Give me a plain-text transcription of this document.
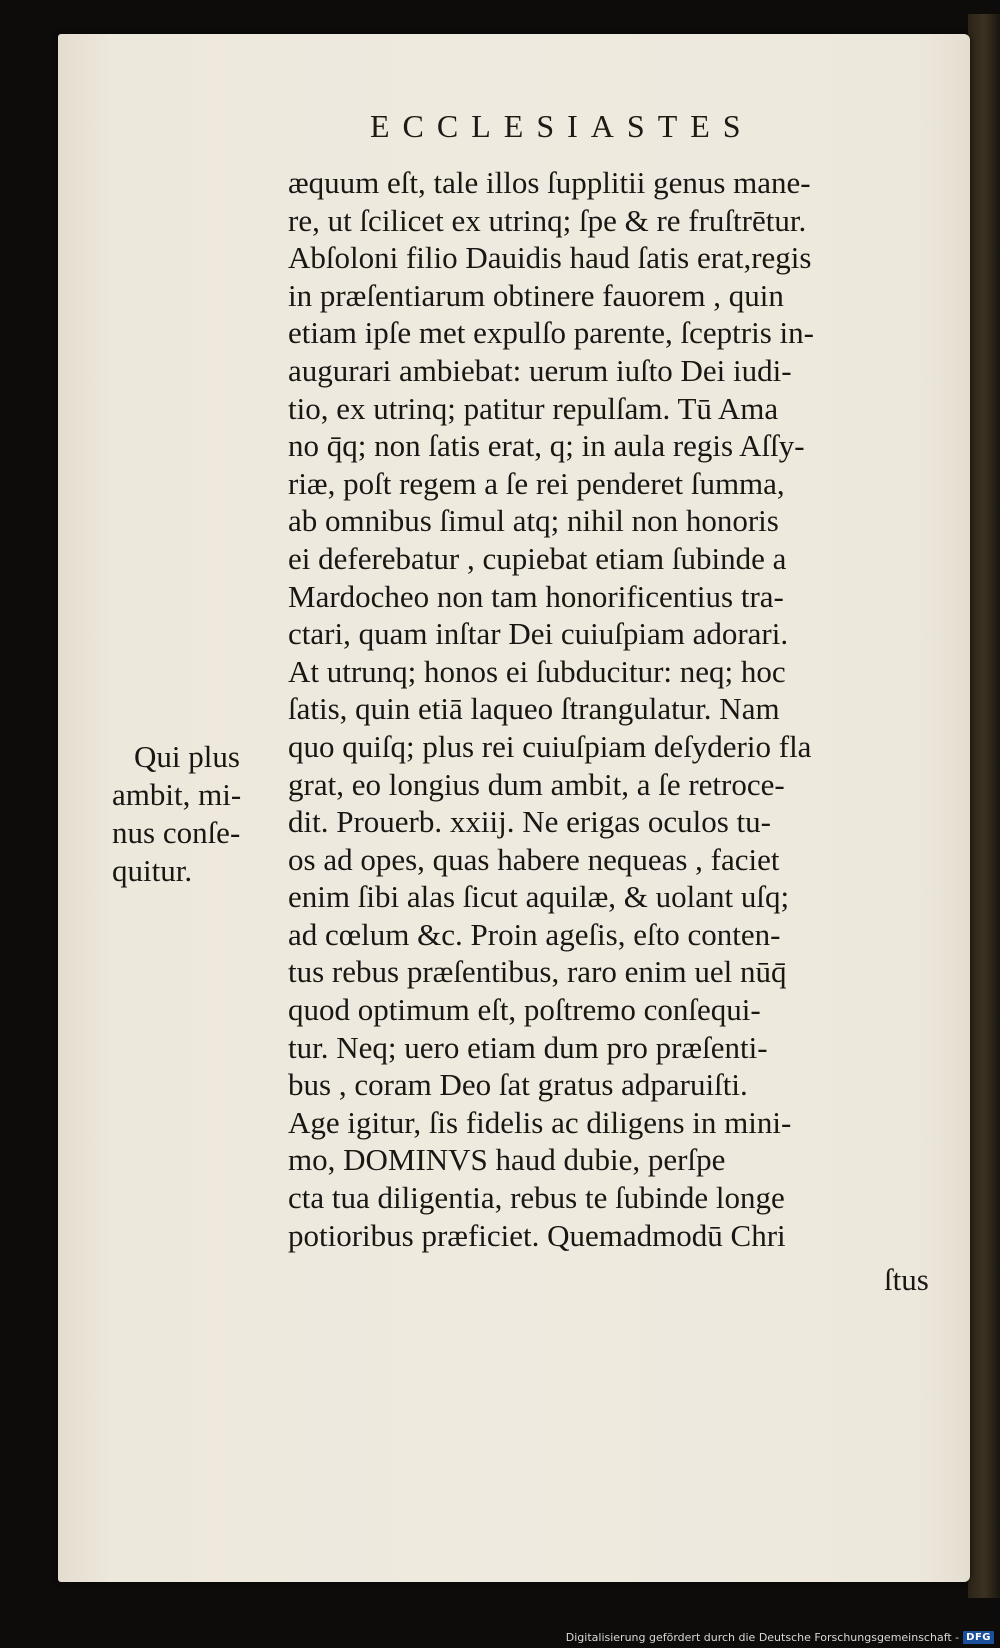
ECCLESIASTES
æquum eſt, tale illos ſupplitii genus mane-
re, ut ſcilicet ex utrinq; ſpe & re fruſtrētur.
Abſoloni filio Dauidis haud ſatis erat,regis
in præſentiarum obtinere fauorem , quin
etiam ipſe met expulſo parente, ſceptris in-
augurari ambiebat: uerum iuſto Dei iudi-
tio, ex utrinq; patitur repulſam. Tū Ama
no q̄q; non ſatis erat, q; in aula regis Aſſy-
riæ, poſt regem a ſe rei penderet ſumma,
ab omnibus ſimul atq; nihil non honoris
ei deferebatur , cupiebat etiam ſubinde a
Mardocheo non tam honorificentius tra-
ctari, quam inſtar Dei cuiuſpiam adorari.
At utrunq; honos ei ſubducitur: neq; hoc
ſatis, quin etiā laqueo ſtrangulatur. Nam
quo quiſq; plus rei cuiuſpiam deſyderio fla
grat, eo longius dum ambit, a ſe retroce-
dit. Prouerb. xxiij. Ne erigas oculos tu-
os ad opes, quas habere nequeas , faciet
enim ſibi alas ſicut aquilæ, & uolant uſq;
ad cœlum &c. Proin ageſis, eſto conten-
tus rebus præſentibus, raro enim uel nūq̄
quod optimum eſt, poſtremo conſequi-
tur. Neq; uero etiam dum pro præſenti-
bus , coram Deo ſat gratus adparuiſti.
Age igitur, ſis fidelis ac diligens in mini-
mo, DOMINVS haud dubie, perſpe
cta tua diligentia, rebus te ſubinde longe
potioribus præficiet. Quemadmodū Chri

ſtus

Qui plus
ambit, mi-
nus conſe-
quitur.
Digitalisierung gefördert durch die Deutsche Forschungsgemeinschaft - DFG
